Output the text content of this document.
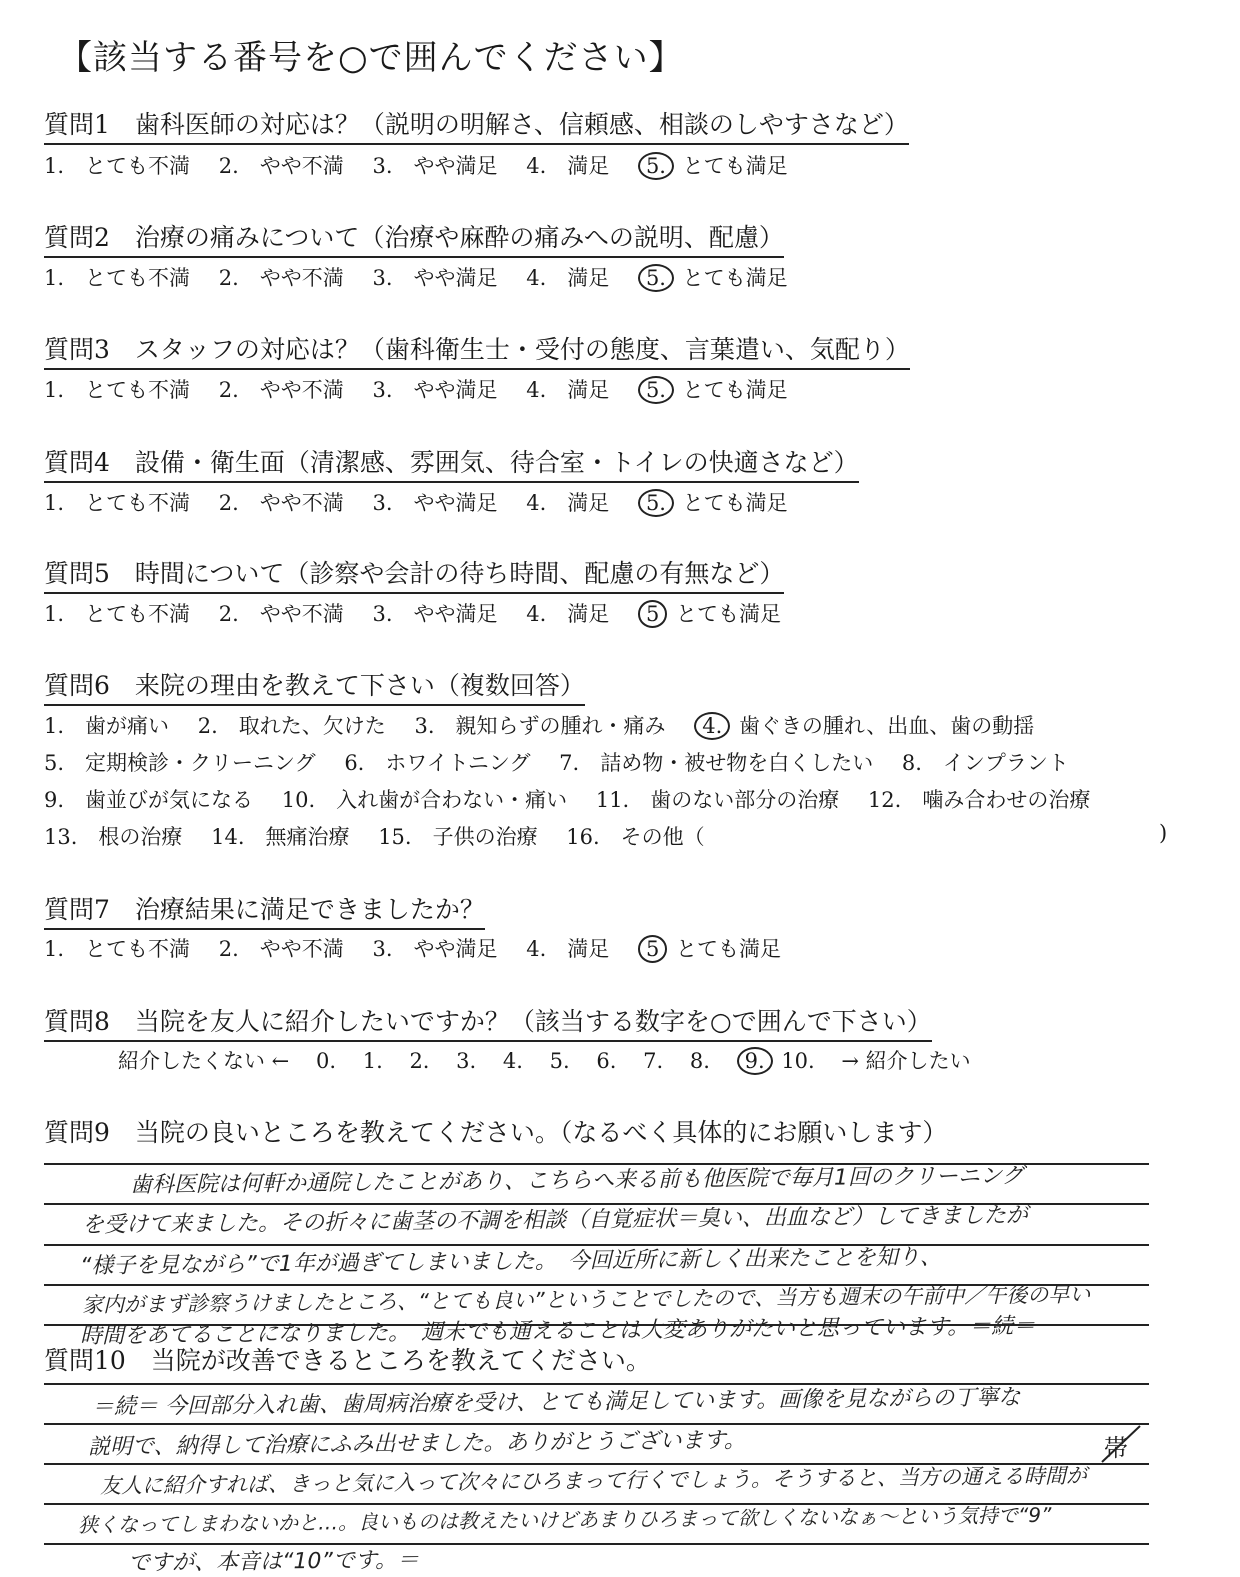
【該当する番号を○で囲んでください】
質問1　歯科医師の対応は？（説明の明解さ、信頼感、相談のしやすさなど）
1.　とても不満 2.　やや不満 3.　やや満足 4.　満足 5. とても満足
質問2　治療の痛みについて（治療や麻酔の痛みへの説明、配慮）
1.　とても不満 2.　やや不満 3.　やや満足 4.　満足 5. とても満足
質問3　スタッフの対応は？（歯科衛生士・受付の態度、言葉遣い、気配り）
1.　とても不満 2.　やや不満 3.　やや満足 4.　満足 5. とても満足
質問4　設備・衛生面（清潔感、雰囲気、待合室・トイレの快適さなど）
1.　とても不満 2.　やや不満 3.　やや満足 4.　満足 5. とても満足
質問5　時間について（診察や会計の待ち時間、配慮の有無など）
1.　とても不満 2.　やや不満 3.　やや満足 4.　満足 5 とても満足
質問6　来院の理由を教えて下さい（複数回答）
1.　歯が痛い 2.　取れた、欠けた 3.　親知らずの腫れ・痛み 4. 歯ぐきの腫れ、出血、歯の動揺
5.　定期検診・クリーニング 6.　ホワイトニング 7.　詰め物・被せ物を白くしたい 8.　インプラント
9.　歯並びが気になる 10.　入れ歯が合わない・痛い 11.　歯のない部分の治療 12.　噛み合わせの治療
13.　根の治療 14.　無痛治療 15.　子供の治療 16.　その他（	)
質問7　治療結果に満足できましたか？
1.　とても不満 2.　やや不満 3.　やや満足 4.　満足 5 とても満足
質問8　当院を友人に紹介したいですか？（該当する数字を○で囲んで下さい）
紹介したくない ← 0. 1. 2. 3. 4. 5. 6. 7. 8. 9. 10. → 紹介したい
質問9　当院の良いところを教えてください。（なるべく具体的にお願いします）
歯科医院は何軒か通院したことがあり、こちらへ来る前も他医院で毎月1回のクリーニング
を受けて来ました。その折々に歯茎の不調を相談（自覚症状＝臭い、出血など）してきましたが
“様子を見ながら”で1年が過ぎてしまいました。　今回近所に新しく出来たことを知り、
家内がまず診察うけましたところ、“とても良い”ということでしたので、当方も週末の午前中／午後の早い
時間をあてることになりました。　週末でも通えることは大変ありがたいと思っています。＝続＝
質問10　当院が改善できるところを教えてください。
＝続＝ 今回部分入れ歯、歯周病治療を受け、とても満足しています。画像を見ながらの丁寧な
説明で、納得して治療にふみ出せました。ありがとうございます。
友人に紹介すれば、きっと気に入って次々にひろまって行くでしょう。そうすると、当方の通える時間が
狭くなってしまわないかと…。良いものは教えたいけどあまりひろまって欲しくないなぁ～という気持で“9”
ですが、本音は“10”です。＝
帯
